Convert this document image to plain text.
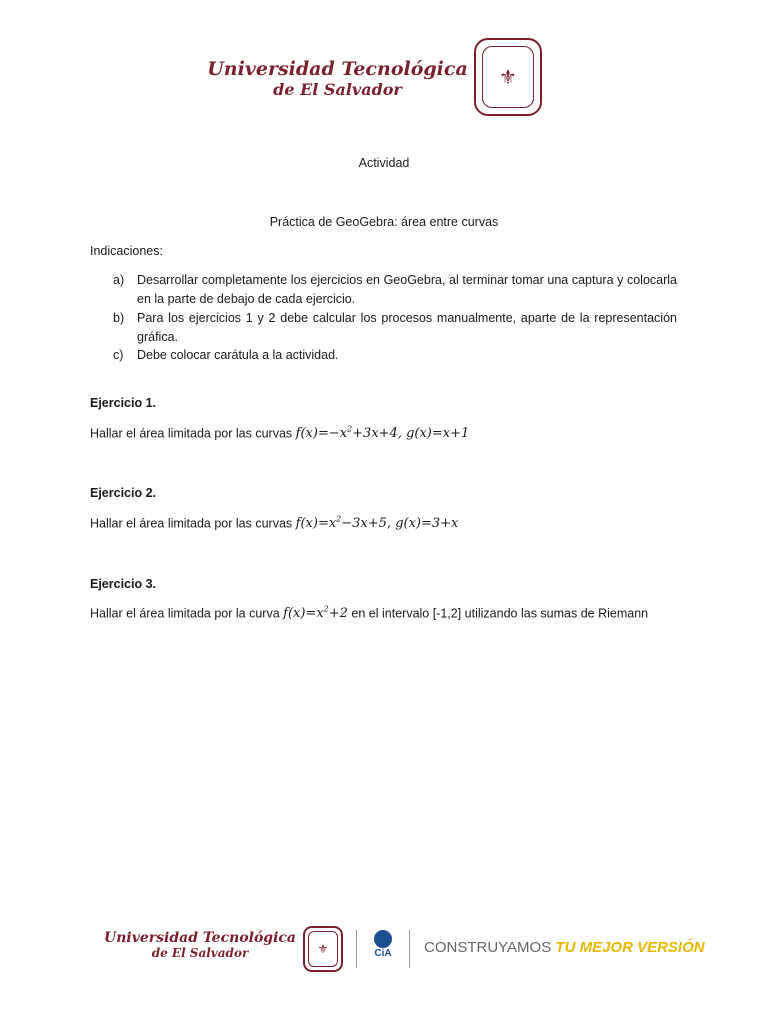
Universidad Tecnológica
de El Salvador
⚜
Actividad
Práctica de GeoGebra: área entre curvas
Indicaciones:
a) Desarrollar completamente los ejercicios en GeoGebra, al terminar tomar una captura y colocarla en la parte de debajo de cada ejercicio.
b) Para los ejercicios 1 y 2 debe calcular los procesos manualmente, aparte de la representación gráfica.
c) Debe colocar carátula a la actividad.
Ejercicio 1.
Hallar el área limitada por las curvas $f(x)=-x^2+3x+4$, g(x)=x+1
Ejercicio 2.
Hallar el área limitada por las curvas $f(x)=x^2-3x+5$, g(x)=3+x
Ejercicio 3.
Hallar el área limitada por la curva $f(x)=x^2+2$ en el intervalo [-1,2] utilizando las sumas de Riemann
Universidad Tecnológica
de El Salvador	⚜	CiA CONSTRUYAMOS TU MEJOR VERSIÓN
